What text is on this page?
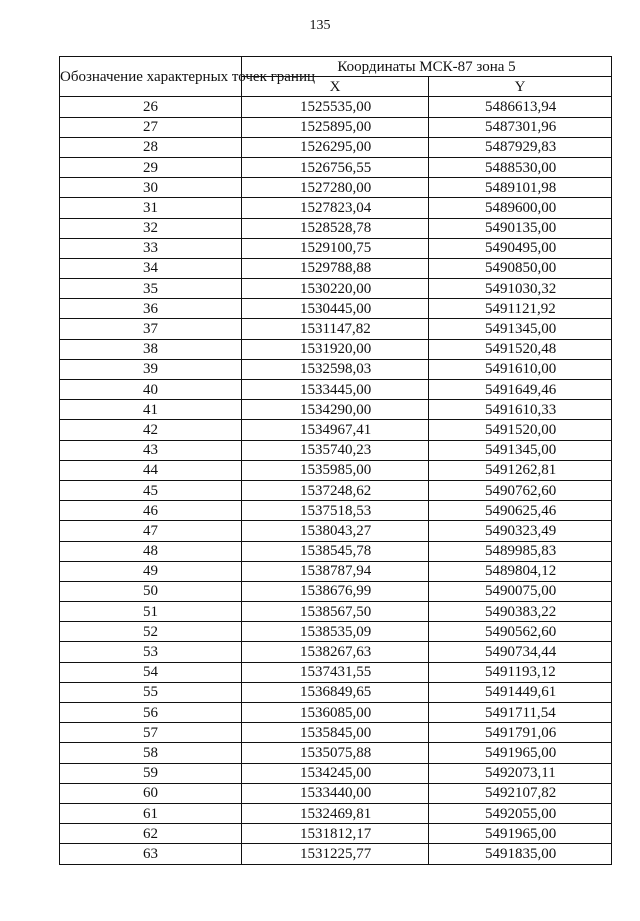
135
Обозначение характерных точек границ	Координаты МСК-87 зона 5	
	X	Y
26	1525535,00	5486613,94
27	1525895,00	5487301,96
28	1526295,00	5487929,83
29	1526756,55	5488530,00
30	1527280,00	5489101,98
31	1527823,04	5489600,00
32	1528528,78	5490135,00
33	1529100,75	5490495,00
34	1529788,88	5490850,00
35	1530220,00	5491030,32
36	1530445,00	5491121,92
37	1531147,82	5491345,00
38	1531920,00	5491520,48
39	1532598,03	5491610,00
40	1533445,00	5491649,46
41	1534290,00	5491610,33
42	1534967,41	5491520,00
43	1535740,23	5491345,00
44	1535985,00	5491262,81
45	1537248,62	5490762,60
46	1537518,53	5490625,46
47	1538043,27	5490323,49
48	1538545,78	5489985,83
49	1538787,94	5489804,12
50	1538676,99	5490075,00
51	1538567,50	5490383,22
52	1538535,09	5490562,60
53	1538267,63	5490734,44
54	1537431,55	5491193,12
55	1536849,65	5491449,61
56	1536085,00	5491711,54
57	1535845,00	5491791,06
58	1535075,88	5491965,00
59	1534245,00	5492073,11
60	1533440,00	5492107,82
61	1532469,81	5492055,00
62	1531812,17	5491965,00
63	1531225,77	5491835,00
